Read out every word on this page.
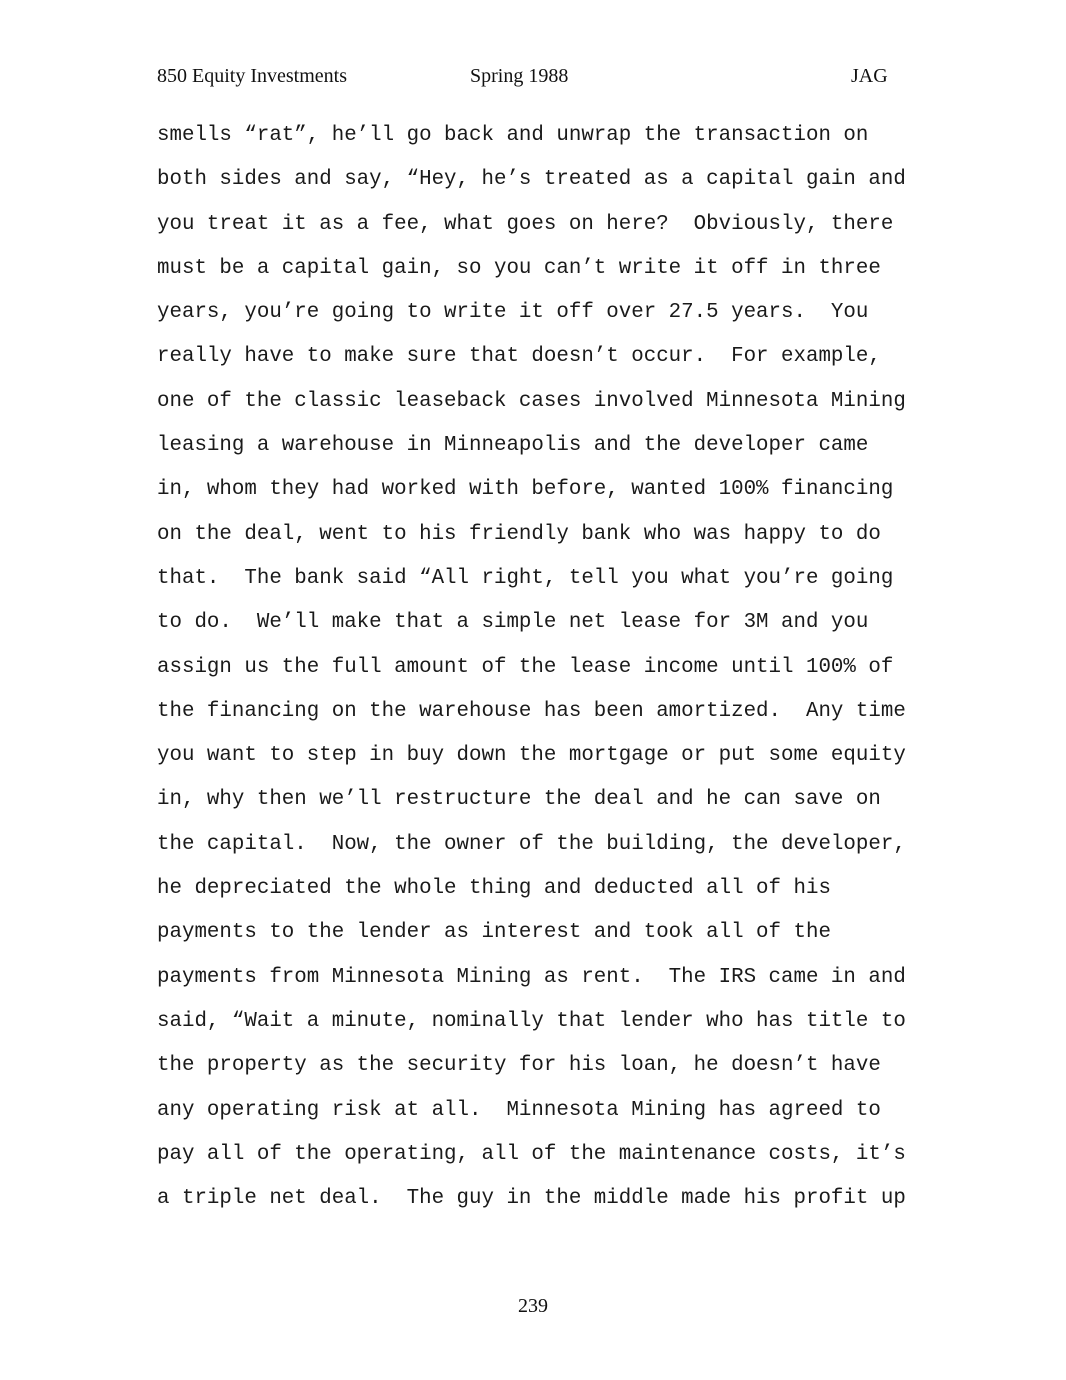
850 Equity Investments	Spring 1988	JAG
smells “rat”, he’ll go back and unwrap the transaction on
both sides and say, “Hey, he’s treated as a capital gain and
you treat it as a fee, what goes on here?  Obviously, there
must be a capital gain, so you can’t write it off in three
years, you’re going to write it off over 27.5 years.  You
really have to make sure that doesn’t occur.  For example,
one of the classic leaseback cases involved Minnesota Mining
leasing a warehouse in Minneapolis and the developer came
in, whom they had worked with before, wanted 100% financing
on the deal, went to his friendly bank who was happy to do
that.  The bank said “All right, tell you what you’re going
to do.  We’ll make that a simple net lease for 3M and you
assign us the full amount of the lease income until 100% of
the financing on the warehouse has been amortized.  Any time
you want to step in buy down the mortgage or put some equity
in, why then we’ll restructure the deal and he can save on
the capital.  Now, the owner of the building, the developer,
he depreciated the whole thing and deducted all of his
payments to the lender as interest and took all of the
payments from Minnesota Mining as rent.  The IRS came in and
said, “Wait a minute, nominally that lender who has title to
the property as the security for his loan, he doesn’t have
any operating risk at all.  Minnesota Mining has agreed to
pay all of the operating, all of the maintenance costs, it’s
a triple net deal.  The guy in the middle made his profit up
239
